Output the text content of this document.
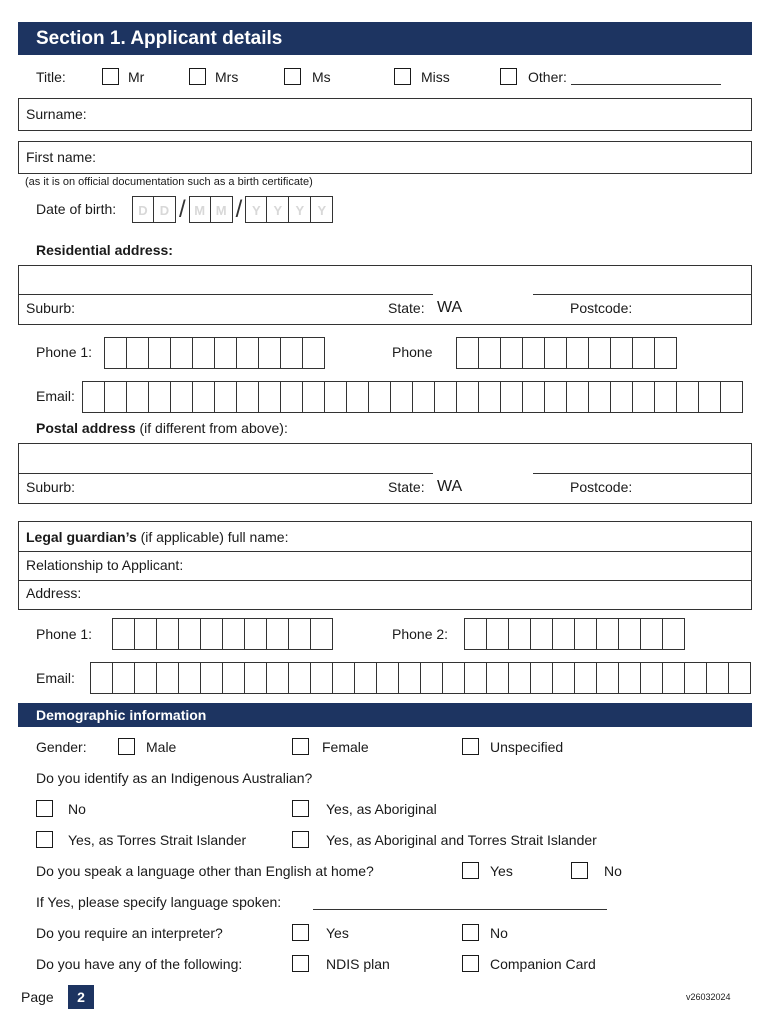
Section 1. Applicant details
Title:	Mr	Mrs	Ms	Miss	Other:
Surname:
First name:
(as it is on official documentation such as a birth certificate)
Date of birth:	D D / M M / Y Y	Y	Y
Residential address:
Suburb:	State: WA	Postcode:
Phone 1:	Phone
Email:
Postal address (if different from above):
Suburb:	State: WA	Postcode:
Legal guardian’s (if applicable) full name:
Relationship to Applicant:
Address:
Phone 1:	Phone 2:
Email:
Demographic information
Gender:	Male	Female	Unspecified
Do you identify as an Indigenous Australian?
No	Yes, as Aboriginal
Yes, as Torres Strait Islander	Yes, as Aboriginal and Torres Strait Islander
Do you speak a language other than English at home?	Yes	No
If Yes, please specify language spoken:
Do you require an interpreter?	Yes	No
Do you have any of the following:	NDIS plan	Companion Card
Page	2	v26032024
